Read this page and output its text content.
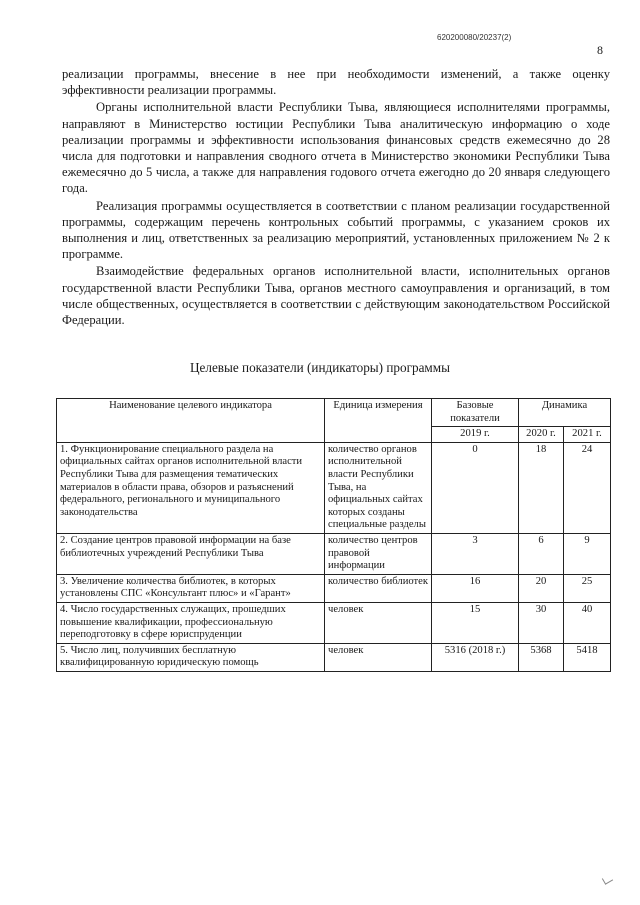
620200080/20237(2)
8

реализации программы, внесение в нее при необходимости изменений, а также оценку эффективности реализации программы.

Органы исполнительной власти Республики Тыва, являющиеся исполнителями программы, направляют в Министерство юстиции Республики Тыва аналитическую информацию о ходе реализации программы и эффективности использования финансовых средств ежемесячно до 28 числа для подготовки и направления сводного отчета в Министерство экономики Республики Тыва ежемесячно до 5 числа, а также для направления годового отчета ежегодно до 20 января следующего года.

Реализация программы осуществляется в соответствии с планом реализации государственной программы, содержащим перечень контрольных событий программы, с указанием сроков их выполнения и лиц, ответственных за реализацию мероприятий, установленных приложением № 2 к программе.

Взаимодействие федеральных органов исполнительной власти, исполнительных органов государственной власти Республики Тыва, органов местного самоуправления и организаций, в том числе общественных, осуществляется в соответствии с действующим законодательством Российской Федерации.

Целевые показатели (индикаторы) программы
Наименование целевого индикатора	Единица измерения	Базовые показатели	Динамика	
		2019 г.	2020 г.	2021 г.
1. Функционирование специального раздела на официальных сайтах органов исполнительной власти Республики Тыва для размещения тематических материалов в области права, обзоров и разъяснений федерального, регионального и муниципального законодательства	количество органов исполнительной власти Республики Тыва, на официальных сайтах которых созданы специальные разделы	0	18	24
2. Создание центров правовой информации на базе библиотечных учреждений Республики Тыва	количество центров правовой информации	3	6	9
3. Увеличение количества библиотек, в которых установлены СПС «Консультант плюс» и «Гарант»	количество библиотек	16	20	25
4. Число государственных служащих, прошедших повышение квалификации, профессиональную переподготовку в сфере юриспруденции	человек	15	30	40
5. Число лиц, получивших бесплатную квалифицированную юридическую помощь	человек	5316 (2018 г.)	5368	5418
